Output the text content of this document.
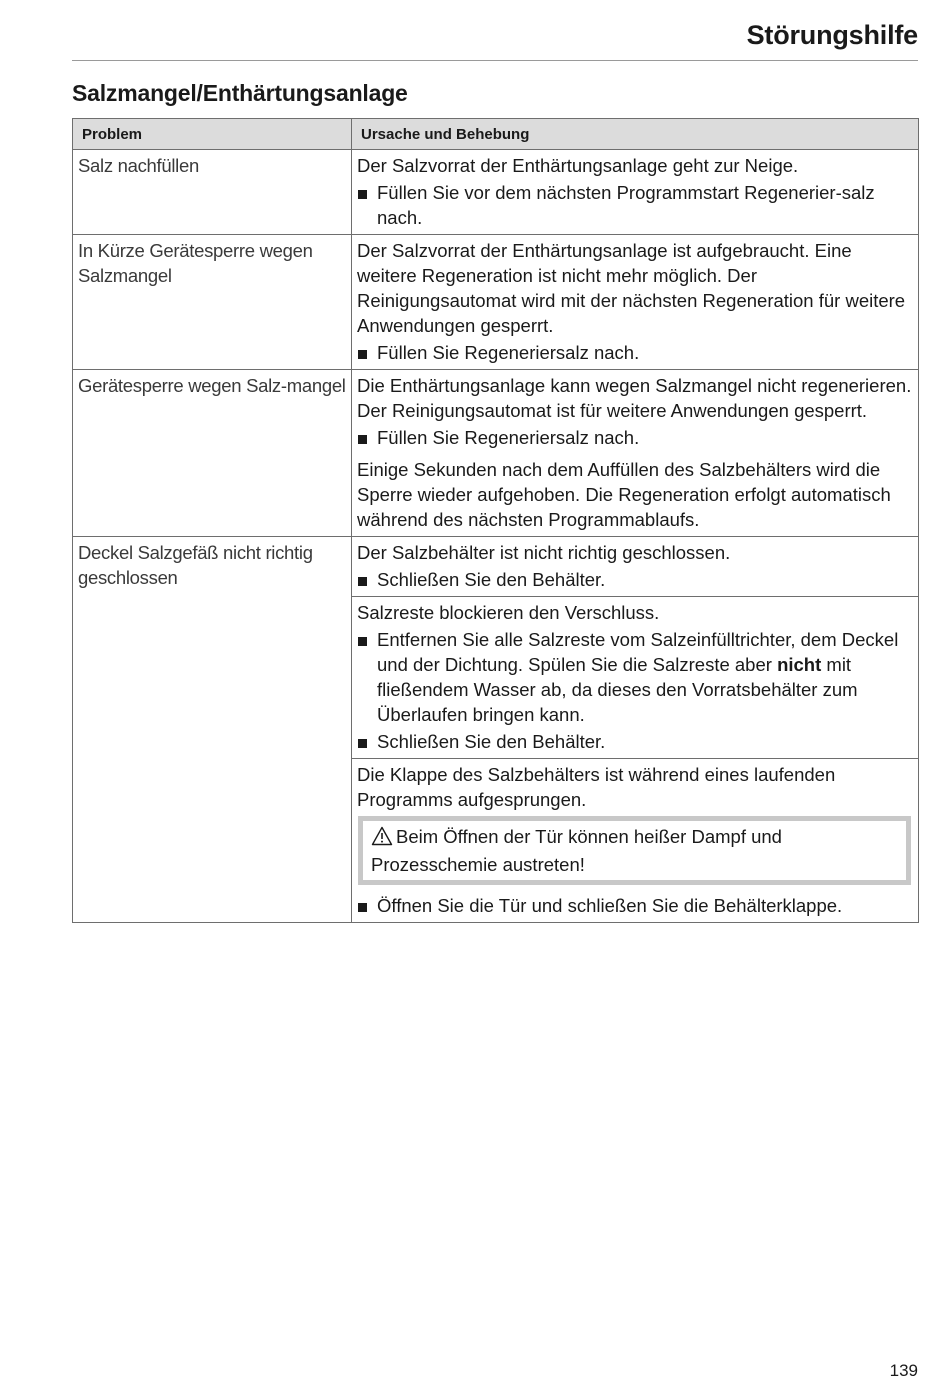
Störungshilfe
Salzmangel/Enthärtungsanlage
Problem	Ursache und Behebung
Salz nachfüllen	Der Salzvorrat der Enthärtungsanlage geht zur Neige.

Füllen Sie vor dem nächsten Programmstart Regenerier-salz nach.

In Kürze Gerätesperre wegen Salzmangel	Der Salzvorrat der Enthärtungsanlage ist aufgebraucht. Eine weitere Regeneration ist nicht mehr möglich. Der Reinigungsautomat wird mit der nächsten Regeneration für weitere Anwendungen gesperrt.

Füllen Sie Regeneriersalz nach.

Gerätesperre wegen Salz-mangel	Die Enthärtungsanlage kann wegen Salzmangel nicht regenerieren. Der Reinigungsautomat ist für weitere Anwendungen gesperrt.

Füllen Sie Regeneriersalz nach.

Einige Sekunden nach dem Auffüllen des Salzbehälters wird die Sperre wieder aufgehoben. Die Regeneration erfolgt automatisch während des nächsten Programmablaufs.

Deckel Salzgefäß nicht richtig geschlossen	Der Salzbehälter ist nicht richtig geschlossen.

Schließen Sie den Behälter.

	Salzreste blockieren den Verschluss.

Entfernen Sie alle Salzreste vom Salzeinfülltrichter, dem Deckel und der Dichtung. Spülen Sie die Salzreste aber nicht mit fließendem Wasser ab, da dieses den Vorratsbehälter zum Überlaufen bringen kann.
Schließen Sie den Behälter.

	Die Klappe des Salzbehälters ist während eines laufenden Programms aufgesprungen.

Beim Öffnen der Tür können heißer Dampf und Prozesschemie austreten!
Öffnen Sie die Tür und schließen Sie die Behälterklappe.
139
